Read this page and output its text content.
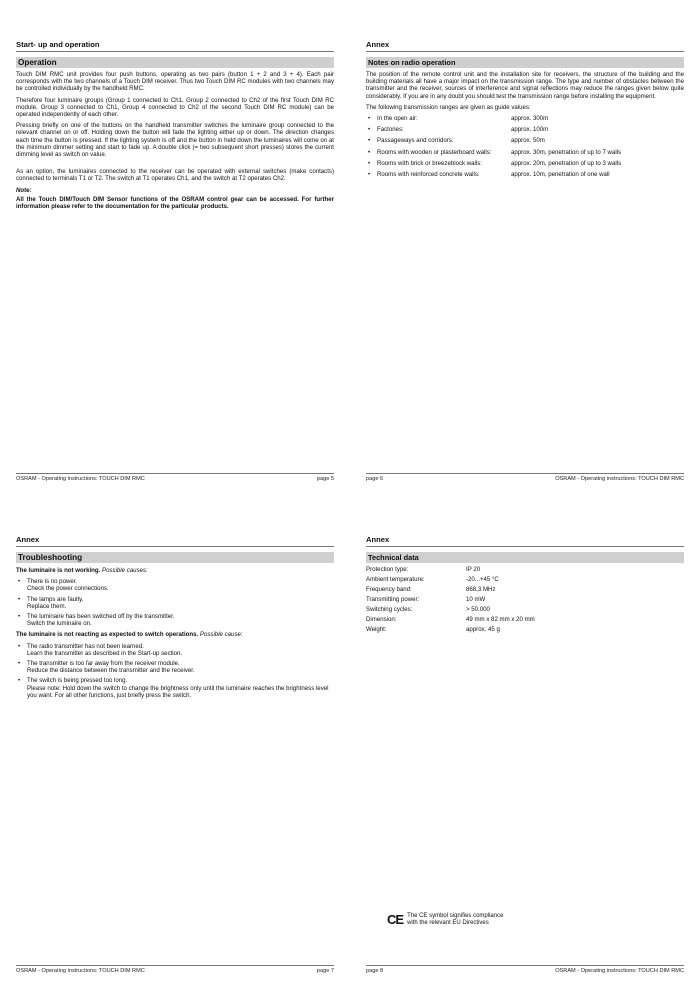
Start- up and operation
Operation

Touch DIM RMC unit provides four push buttons, operating as two pairs (button 1 + 2 and 3 + 4). Each pair corresponds with the two channels of a Touch DIM receiver. Thus two Touch DIM RC modules with two channels may be controlled individually by the handheld RMC.

Therefore four luminaire groups (Group 1 connected to Ch1, Group 2 connected to Ch2 of the first Touch DIM RC module, Group 3 connected to Ch1, Group 4 connected to Ch2 of the second Touch DIM RC module) can be operated independently of each other.

Pressing briefly on one of the buttons on the handheld transmitter switches the luminaire group connected to the relevant channel on or off. Holding down the button will fade the lighting either up or down. The direction changes each time the button is pressed. If the lighting system is off and the button in held down the luminaires will come on at the minimum dimmer setting and start to fade up. A double click (= two subsequent short presses) stores the current dimming level as switch on value.

As an option, the luminaires connected to the receiver can be operated with external switches (make contacts) connected to terminals T1 or T2. The switch at T1 operates Ch1, and the switch at T2 operates Ch2.

Note:

All the Touch DIM/Touch DIM Sensor functions of the OSRAM control gear can be accessed. For further information please refer to the documentation for the particular products.

OSRAM - Operating instructions: TOUCH DIM RMC	page 5
Annex
Notes on radio operation

The position of the remote control unit and the installation site for receivers, the structure of the building and the building materials all have a major impact on the transmission range. The type and number of obstacles between the transmitter and the receiver, sources of interference and signal reflections may reduce the ranges given below quite considerably. If you are in any doubt you should test the transmission range before installing the equipment.

The following transmission ranges are given as guide values:

• In the open air:	approx. 300m
• Factories:	approx. 100m
• Passageways and corridors:	approx. 50m
• Rooms with wooden or plasterboard walls:	approx. 30m, penetration of up to 7 walls
• Rooms with brick or breezeblock walls:	approx. 20m, penetration of up to 3 walls
• Rooms with reinforced concrete walls:	approx. 10m, penetration of one wall
page 6	OSRAM - Operating instructions: TOUCH DIM RMC
Annex
Troubleshooting

The luminaire is not working. Possible causes:

• There is no power.
Check the power connections.
• The lamps are faulty.
Replace them.
• The luminaire has been switched off by the transmitter.
Switch the luminaire on.

The luminaire is not reacting as expected to switch operations. Possible cause:

• The radio transmitter has not been learned.
Learn the transmitter as described in the Start-up section.
• The transmitter is too far away from the receiver module.
Reduce the distance between the transmitter and the receiver.
• The switch is being pressed too long.
Please note: Hold down the switch to change the brightness only until the luminaire reaches the brightness level you want. For all other functions, just briefly press the switch.
OSRAM - Operating instructions: TOUCH DIM RMC	page 7
Annex
Technical data
Protection type:	IP 20
Ambient temperature:	-20...+45 °C
Frequency band:	868,3 MHz
Transmitting power:	10 mW
Switching cycles:	> 50.000
Dimension:	49 mm x 82 mm x 20 mm
Weight:	approx. 45 g
CE The CE symbol signifies compliance
with the relevant EU Directives
page 8	OSRAM - Operating instructions: TOUCH DIM RMC
